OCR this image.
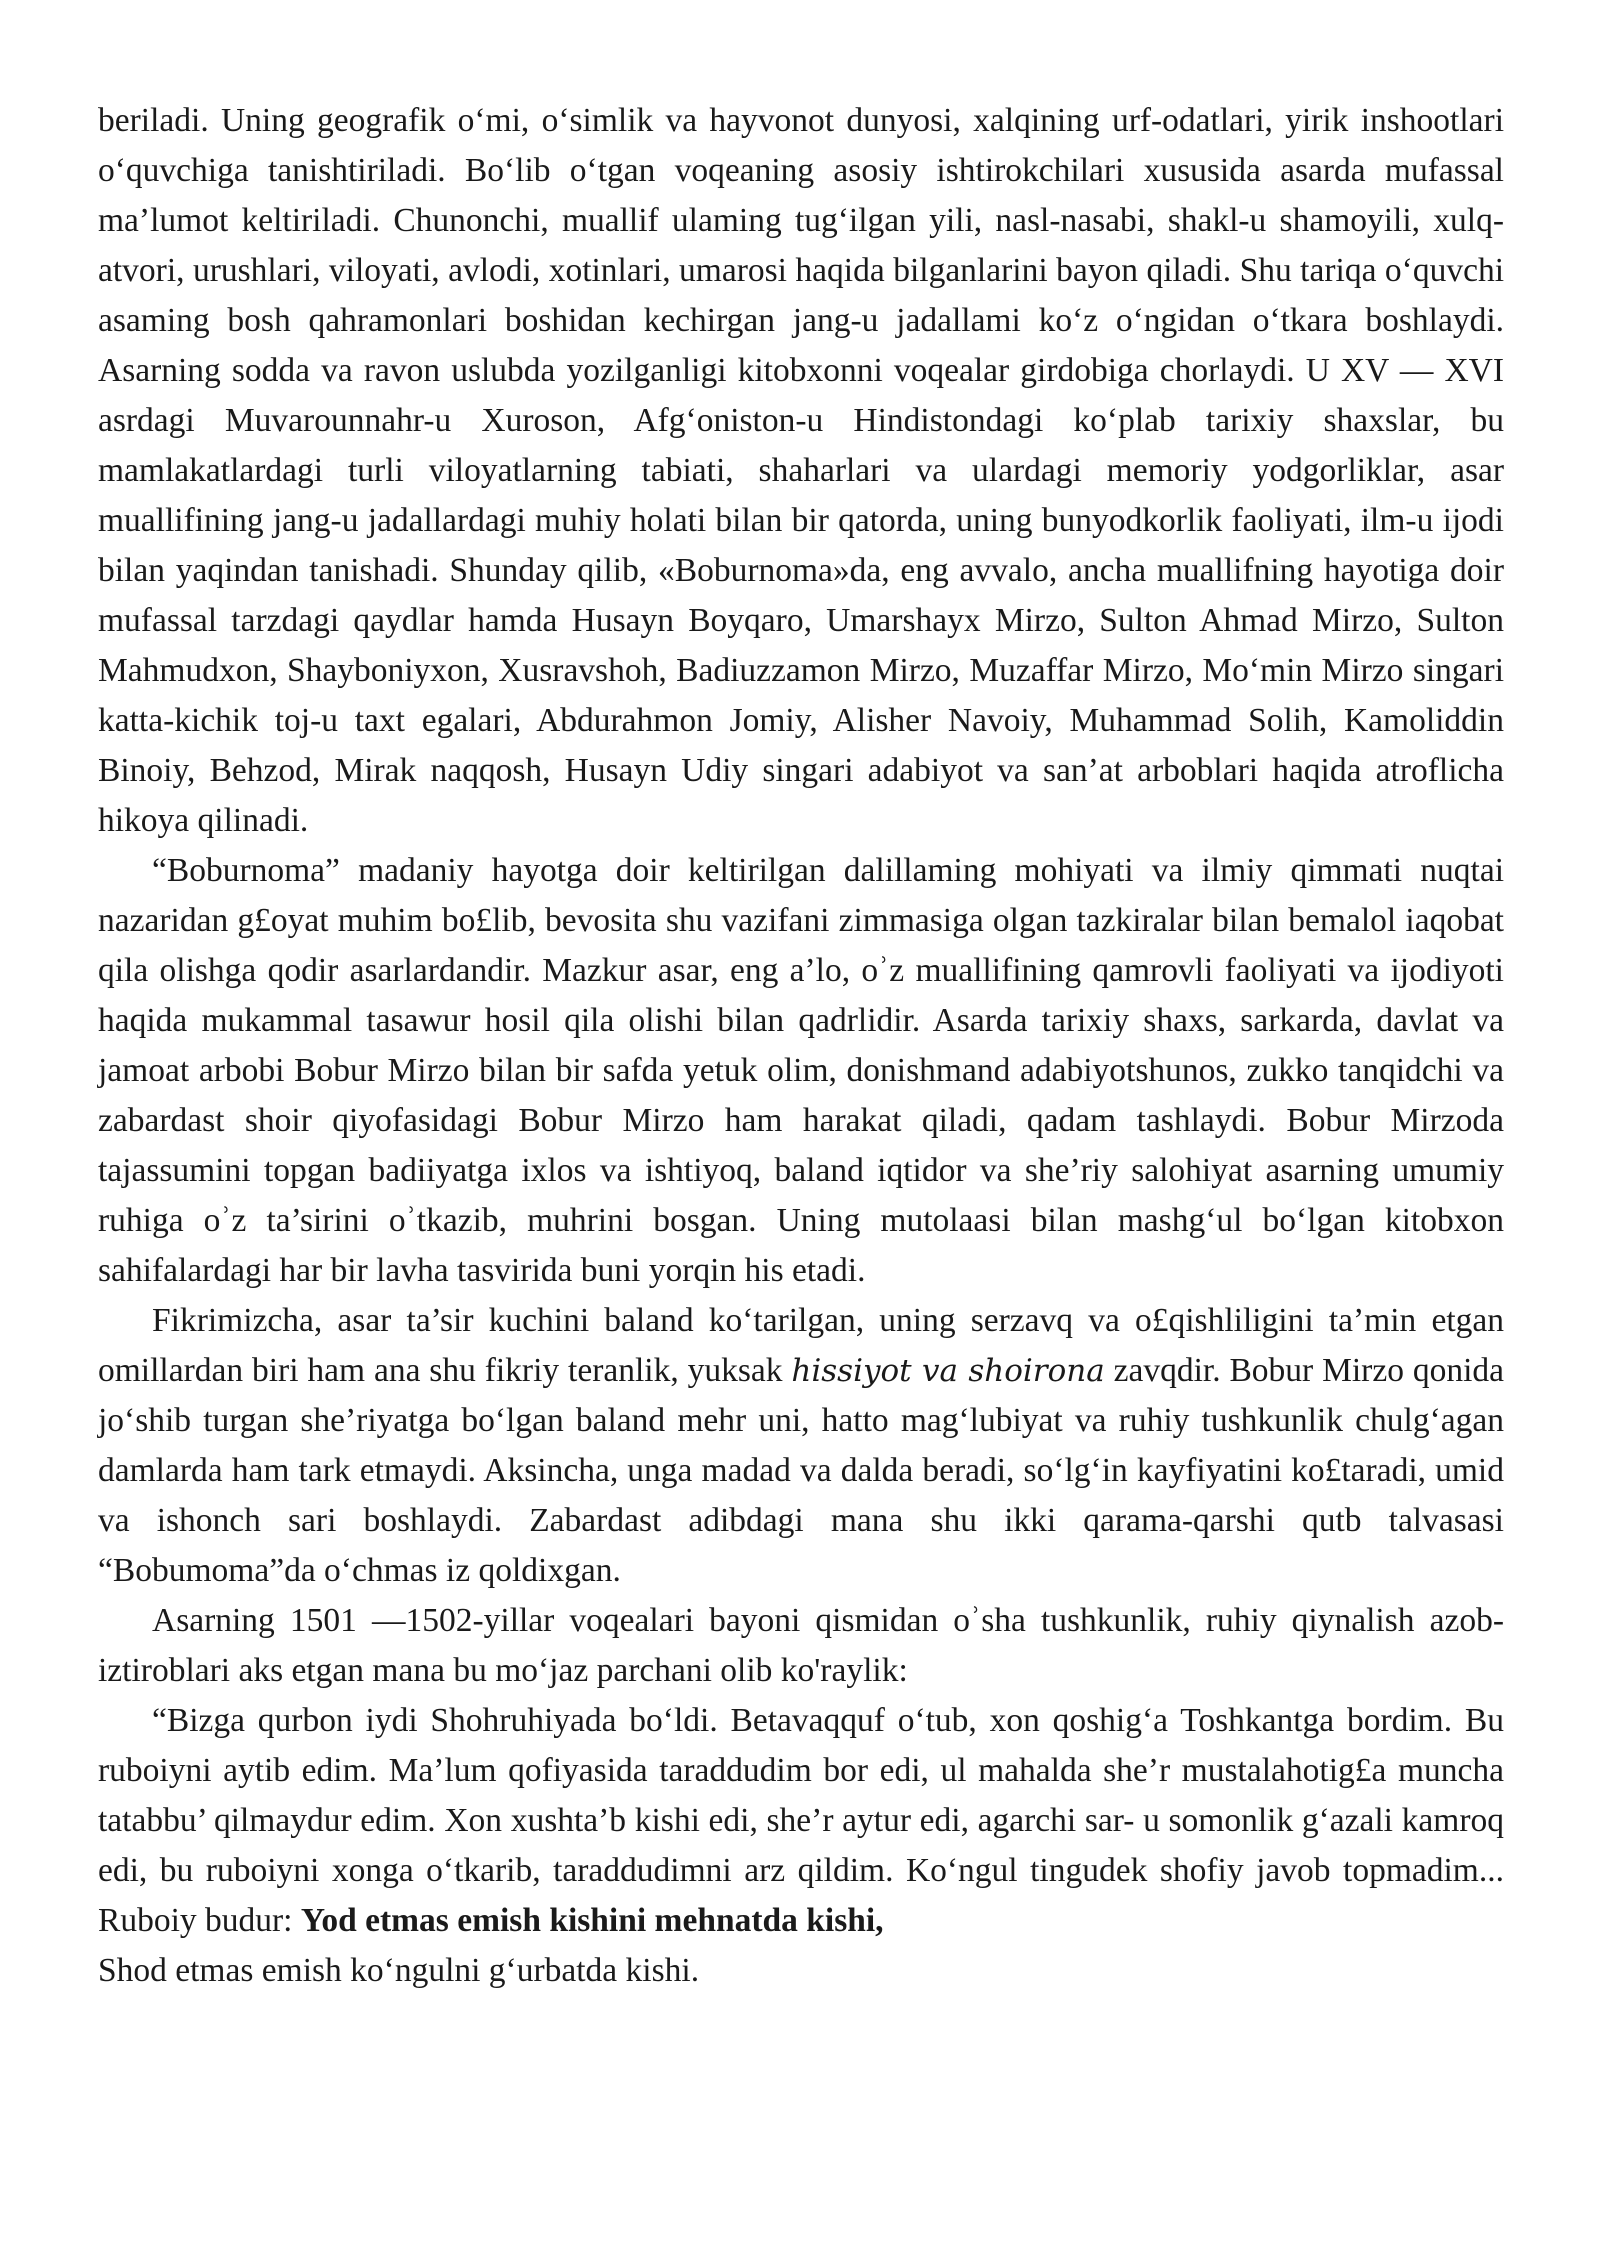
beriladi. Uning geografik o‘mi, o‘simlik va hayvonot dunyosi, xalqining urf-odatlari, yirik inshootlari o‘quvchiga tanishtiriladi. Bo‘lib o‘tgan voqeaning asosiy ishtirokchilari xususida asarda mufassal ma’lumot keltiriladi. Chunonchi, muallif ulaming tug‘ilgan yili, nasl-nasabi, shakl-u shamoyili, xulq-atvori, urushlari, viloyati, avlodi, xotinlari, umarosi haqida bilganlarini bayon qiladi. Shu tariqa o‘quvchi asaming bosh qahramonlari boshidan kechirgan jang-u jadallami ko‘z o‘ngidan o‘tkara boshlaydi. Asarning sodda va ravon uslubda yozilganligi kitobxonni voqealar girdobiga chorlaydi. U XV — XVI asrdagi Muvarounnahr-u Xuroson, Afg‘oniston-u Hindistondagi ko‘plab tarixiy shaxslar, bu mamlakatlardagi turli viloyatlarning tabiati, shaharlari va ulardagi memoriy yodgorliklar, asar muallifining jang-u jadallardagi muhiy holati bilan bir qatorda, uning bunyodkorlik faoliyati, ilm-u ijodi bilan yaqindan tanishadi. Shunday qilib, «Boburnoma»da, eng avvalo, ancha muallifning hayotiga doir mufassal tarzdagi qaydlar hamda Husayn Boyqaro, Umarshayx Mirzo, Sulton Ahmad Mirzo, Sulton Mahmudxon, Shayboniyxon, Xusravshoh, Badiuzzamon Mirzo, Muzaffar Mirzo, Mo‘min Mirzo singari katta-kichik toj-u taxt egalari, Abdurahmon Jomiy, Alisher Navoiy, Muhammad Solih, Kamoliddin Binoiy, Behzod, Mirak naqqosh, Husayn Udiy singari adabiyot va san’at arboblari haqida atroflicha hikoya qilinadi.

“Boburnoma” madaniy hayotga doir keltirilgan dalillaming mohiyati va ilmiy qimmati nuqtai nazaridan g£oyat muhim bo£lib, bevosita shu vazifani zimmasiga olgan tazkiralar bilan bemalol iaqobat qila olishga qodir asarlardandir. Mazkur asar, eng a’lo, oʾz muallifining qamrovli faoliyati va ijodiyoti haqida mukammal tasawur hosil qila olishi bilan qadrlidir. Asarda tarixiy shaxs, sarkarda, davlat va jamoat arbobi Bobur Mirzo bilan bir safda yetuk olim, donishmand adabiyotshunos, zukko tanqidchi va zabardast shoir qiyofasidagi Bobur Mirzo ham harakat qiladi, qadam tashlaydi. Bobur Mirzoda tajassumini topgan badiiyatga ixlos va ishtiyoq, baland iqtidor va she’riy salohiyat asarning umumiy ruhiga oʾz ta’sirini oʾtkazib, muhrini bosgan. Uning mutolaasi bilan mashg‘ul bo‘lgan kitobxon sahifalardagi har bir lavha tasvirida buni yorqin his etadi.

Fikrimizcha, asar ta’sir kuchini baland ko‘tarilgan, uning serzavq va o£qishliligini ta’min etgan omillardan biri ham ana shu fikriy teranlik, yuksak hissiyot va shoirona zavqdir. Bobur Mirzo qonida jo‘shib turgan she’riyatga bo‘lgan baland mehr uni, hatto mag‘lubiyat va ruhiy tushkunlik chulg‘agan damlarda ham tark etmaydi. Aksincha, unga madad va dalda beradi, so‘lg‘in kayfiyatini ko£taradi, umid va ishonch sari boshlaydi. Zabardast adibdagi mana shu ikki qarama-qarshi qutb talvasasi “Bobumoma”da o‘chmas iz qoldixgan.

Asarning 1501 —1502-yillar voqealari bayoni qismidan oʾsha tushkunlik, ruhiy qiynalish azob-iztiroblari aks etgan mana bu mo‘jaz parchani olib ko'raylik:

“Bizga qurbon iydi Shohruhiyada bo‘ldi. Betavaqquf o‘tub, xon qoshig‘a Toshkantga bordim. Bu ruboiyni aytib edim. Ma’lum qofiyasida taraddudim bor edi, ul mahalda she’r mustalahotig£a muncha tatabbu’ qilmaydur edim. Xon xushta’b kishi edi, she’r aytur edi, agarchi sar- u somonlik g‘azali kamroq edi, bu ruboiyni xonga o‘tkarib, taraddudimni arz qildim. Ko‘ngul tingudek shofiy javob topmadim... Ruboiy budur: Yod etmas emish kishini mehnatda kishi,

Shod etmas emish ko‘ngulni g‘urbatda kishi.
